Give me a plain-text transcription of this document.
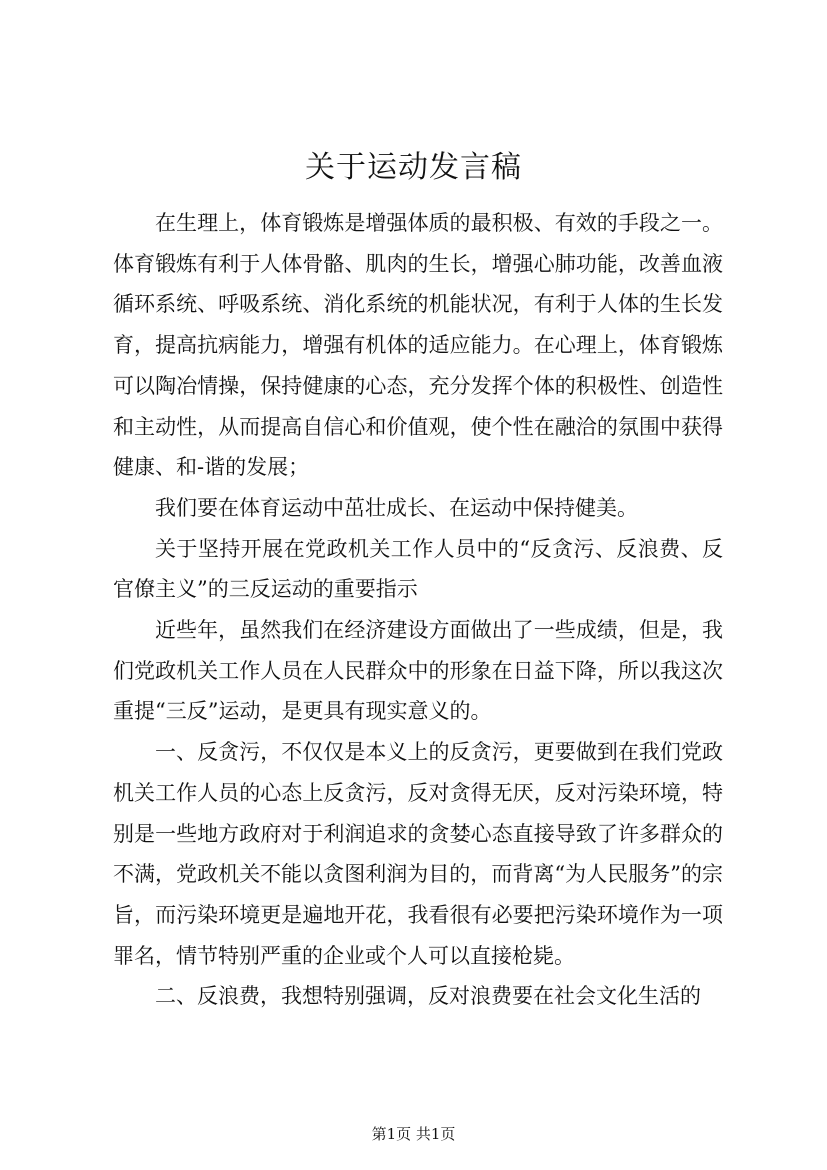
关于运动发言稿

在生理上，体育锻炼是增强体质的最积极、有效的手段之一。体育锻炼有利于人体骨骼、肌肉的生长，增强心肺功能，改善血液循环系统、呼吸系统、消化系统的机能状况，有利于人体的生长发育，提高抗病能力，增强有机体的适应能力。在心理上，体育锻炼可以陶冶情操，保持健康的心态，充分发挥个体的积极性、创造性和主动性，从而提高自信心和价值观，使个性在融洽的氛围中获得健康、和-谐的发展；

我们要在体育运动中茁壮成长、在运动中保持健美。

关于坚持开展在党政机关工作人员中的“反贪污、反浪费、反官僚主义”的三反运动的重要指示

近些年，虽然我们在经济建设方面做出了一些成绩，但是，我们党政机关工作人员在人民群众中的形象在日益下降，所以我这次重提“三反”运动，是更具有现实意义的。

一、反贪污，不仅仅是本义上的反贪污，更要做到在我们党政机关工作人员的心态上反贪污，反对贪得无厌，反对污染环境，特别是一些地方政府对于利润追求的贪婪心态直接导致了许多群众的不满，党政机关不能以贪图利润为目的，而背离“为人民服务”的宗旨，而污染环境更是遍地开花，我看很有必要把污染环境作为一项罪名，情节特别严重的企业或个人可以直接枪毙。

二、反浪费，我想特别强调，反对浪费要在社会文化生活的

第1页 共1页
